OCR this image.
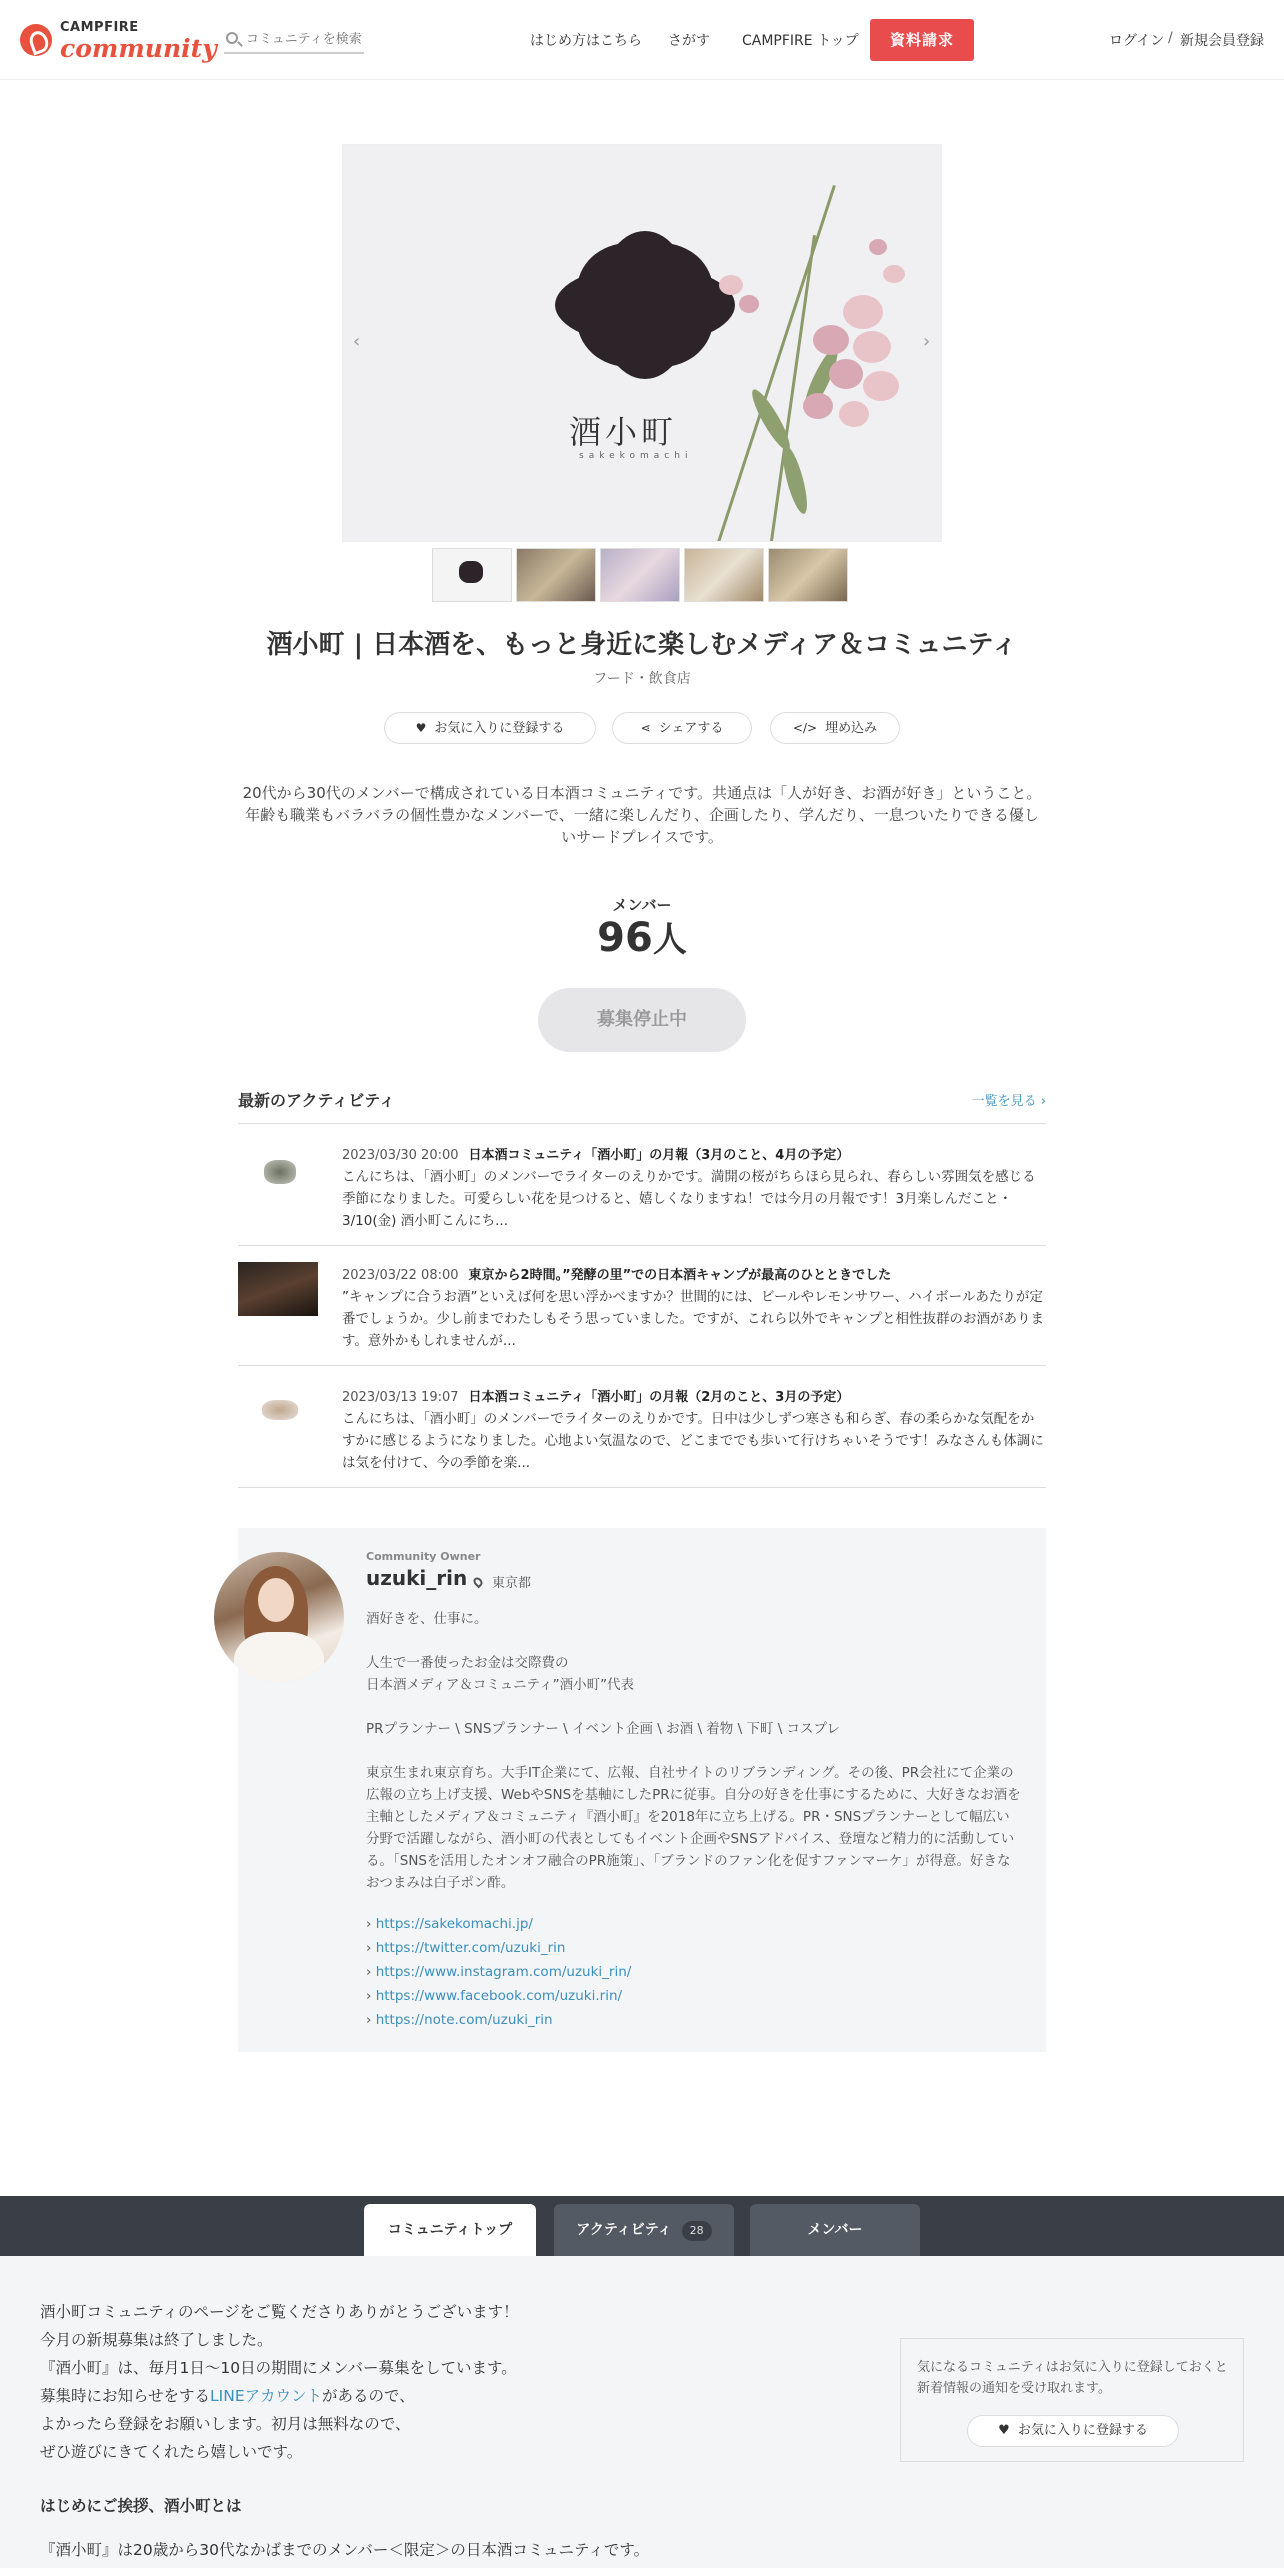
CAMPFIRE
community
コミュニティを検索	はじめ方はこちら さがす CAMPFIRE トップ	資料請求	ログイン / 新規会員登録
酒小町
sakekomachi
‹	›
酒小町 | 日本酒を、もっと身近に楽しむメディア＆コミュニティ
フード・飲食店
♥ お気に入りに登録する	⋖ シェアする	</> 埋め込み
20代から30代のメンバーで構成されている日本酒コミュニティです。共通点は「人が好き、お酒が好き」ということ。年齢も職業もバラバラの個性豊かなメンバーで、一緒に楽しんだり、企画したり、学んだり、一息ついたりできる優しいサードプレイスです。
メンバー
96人
募集停止中
最新のアクティビティ	一覧を見る ›
2023/03/30 20:00 日本酒コミュニティ「酒小町」の月報（3月のこと、4月の予定）
こんにちは、「酒小町」のメンバーでライターのえりかです。満開の桜がちらほら見られ、春らしい雰囲気を感じる季節になりました。可愛らしい花を見つけると、嬉しくなりますね！では今月の月報です！3月楽しんだこと・3/10(金) 酒小町こんにち...
2023/03/22 08:00 東京から2時間。”発酵の里”での日本酒キャンプが最高のひとときでした
”キャンプに合うお酒”といえば何を思い浮かべますか？世間的には、ビールやレモンサワー、ハイボールあたりが定番でしょうか。少し前までわたしもそう思っていました。ですが、これら以外でキャンプと相性抜群のお酒があります。意外かもしれませんが...
2023/03/13 19:07 日本酒コミュニティ「酒小町」の月報（2月のこと、3月の予定）
こんにちは、「酒小町」のメンバーでライターのえりかです。日中は少しずつ寒さも和らぎ、春の柔らかな気配をかすかに感じるようになりました。心地よい気温なので、どこまででも歩いて行けちゃいそうです！みなさんも体調には気を付けて、今の季節を楽...
Community Owner
uzuki_rin	東京都
酒好きを、仕事に。
人生で一番使ったお金は交際費の
日本酒メディア＆コミュニティ”酒小町”代表
PRプランナー \ SNSプランナー \ イベント企画 \ お酒 \ 着物 \ 下町 \ コスプレ
東京生まれ東京育ち。大手IT企業にて、広報、自社サイトのリブランディング。その後、PR会社にて企業の広報の立ち上げ支援、WebやSNSを基軸にしたPRに従事。自分の好きを仕事にするために、大好きなお酒を主軸としたメディア＆コミュニティ『酒小町』を2018年に立ち上げる。PR・SNSプランナーとして幅広い分野で活躍しながら、酒小町の代表としてもイベント企画やSNSアドバイス、登壇など精力的に活動している。「SNSを活用したオンオフ融合のPR施策」、「ブランドのファン化を促すファンマーケ」が得意。好きなおつまみは白子ポン酢。
› https://sakekomachi.jp/
› https://twitter.com/uzuki_rin
› https://www.instagram.com/uzuki_rin/
› https://www.facebook.com/uzuki.rin/
› https://note.com/uzuki_rin
コミュニティトップ	アクティビティ 28	メンバー
酒小町コミュニティのページをご覧くださりありがとうございます！
今月の新規募集は終了しました。
『酒小町』は、毎月1日〜10日の期間にメンバー募集をしています。
募集時にお知らせをするLINEアカウントがあるので、
よかったら登録をお願いします。初月は無料なので、
ぜひ遊びにきてくれたら嬉しいです。
はじめにご挨拶、酒小町とは
『酒小町』は20歳から30代なかばまでのメンバー＜限定＞の日本酒コミュニティです。
気になるコミュニティはお気に入りに登録しておくと新着情報の通知を受け取れます。
♥ お気に入りに登録する
